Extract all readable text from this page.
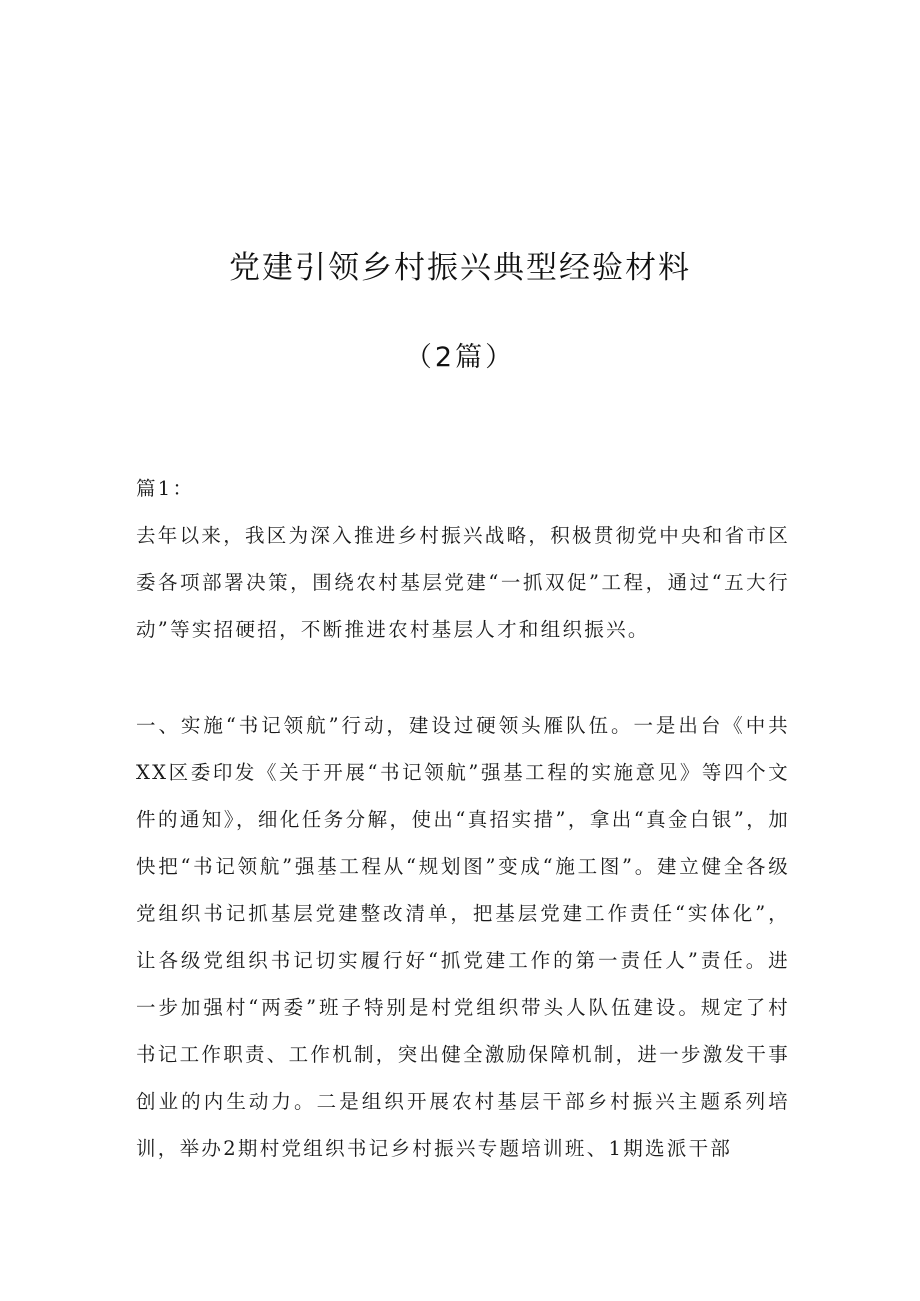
党建引领乡村振兴典型经验材料
（2篇）

篇1：

去年以来，我区为深入推进乡村振兴战略，积极贯彻党中央和省市区委各项部署决策，围绕农村基层党建“一抓双促”工程，通过“五大行动”等实招硬招，不断推进农村基层人才和组织振兴。

一、实施“书记领航”行动，建设过硬领头雁队伍。一是出台《中共XX区委印发《关于开展“书记领航”强基工程的实施意见》等四个文件的通知》，细化任务分解，使出“真招实措”，拿出“真金白银”，加快把“书记领航”强基工程从“规划图”变成“施工图”。建立健全各级党组织书记抓基层党建整改清单，把基层党建工作责任“实体化”，让各级党组织书记切实履行好“抓党建工作的第一责任人”责任。进一步加强村“两委”班子特别是村党组织带头人队伍建设。规定了村书记工作职责、工作机制，突出健全激励保障机制，进一步激发干事创业的内生动力。二是组织开展农村基层干部乡村振兴主题系列培训，举办2期村党组织书记乡村振兴专题培训班、1期选派干部
